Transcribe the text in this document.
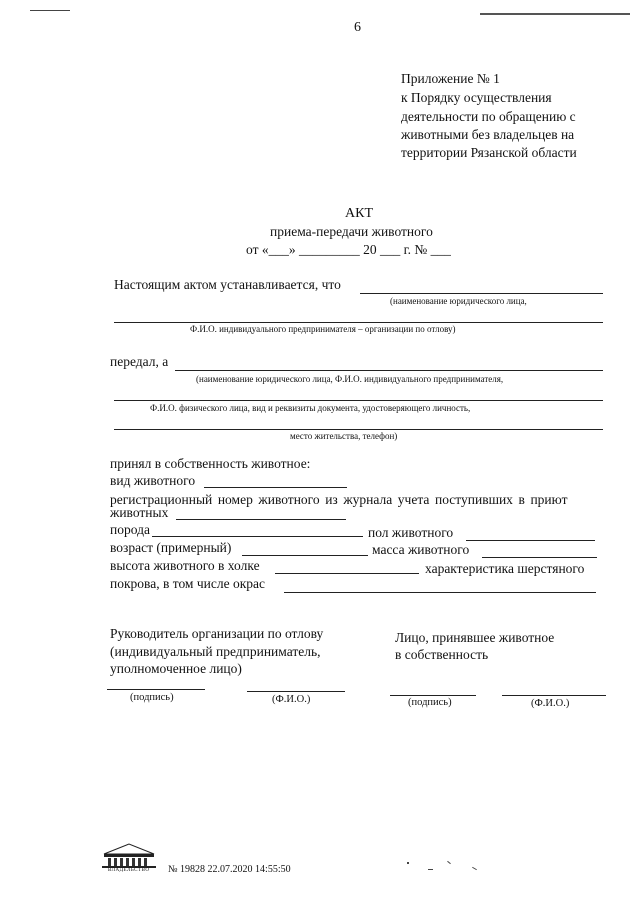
6
Приложение № 1
к Порядку осуществления
деятельности по обращению с
животными без владельцев на
территории Рязанской области
АКТ
приема-передачи животного
от «___» _________ 20 ___ г. № ___
Настоящим актом устанавливается, что
(наименование юридического лица,
Ф.И.О. индивидуального предпринимателя – организации по отлову)
передал, а
(наименование юридического лица, Ф.И.О. индивидуального предпринимателя,
Ф.И.О. физического лица, вид и реквизиты документа, удостоверяющего личность,
место жительства, телефон)
принял в собственность животное:
вид животного
регистрационный номер животного из журнала учета поступивших в приют
животных
порода	пол животного
возраст (примерный)	масса животного
высота животного в холке	характеристика шерстяного
покрова, в том числе окрас
Руководитель организации по отлову
(индивидуальный предприниматель,
уполномоченное лицо)
Лицо, принявшее животное
в собственность
(подпись)	(Ф.И.О.)	(подпись)	(Ф.И.О.)
ВЛАДЕЛЬСТВО № 19828 22.07.2020 14:55:50
